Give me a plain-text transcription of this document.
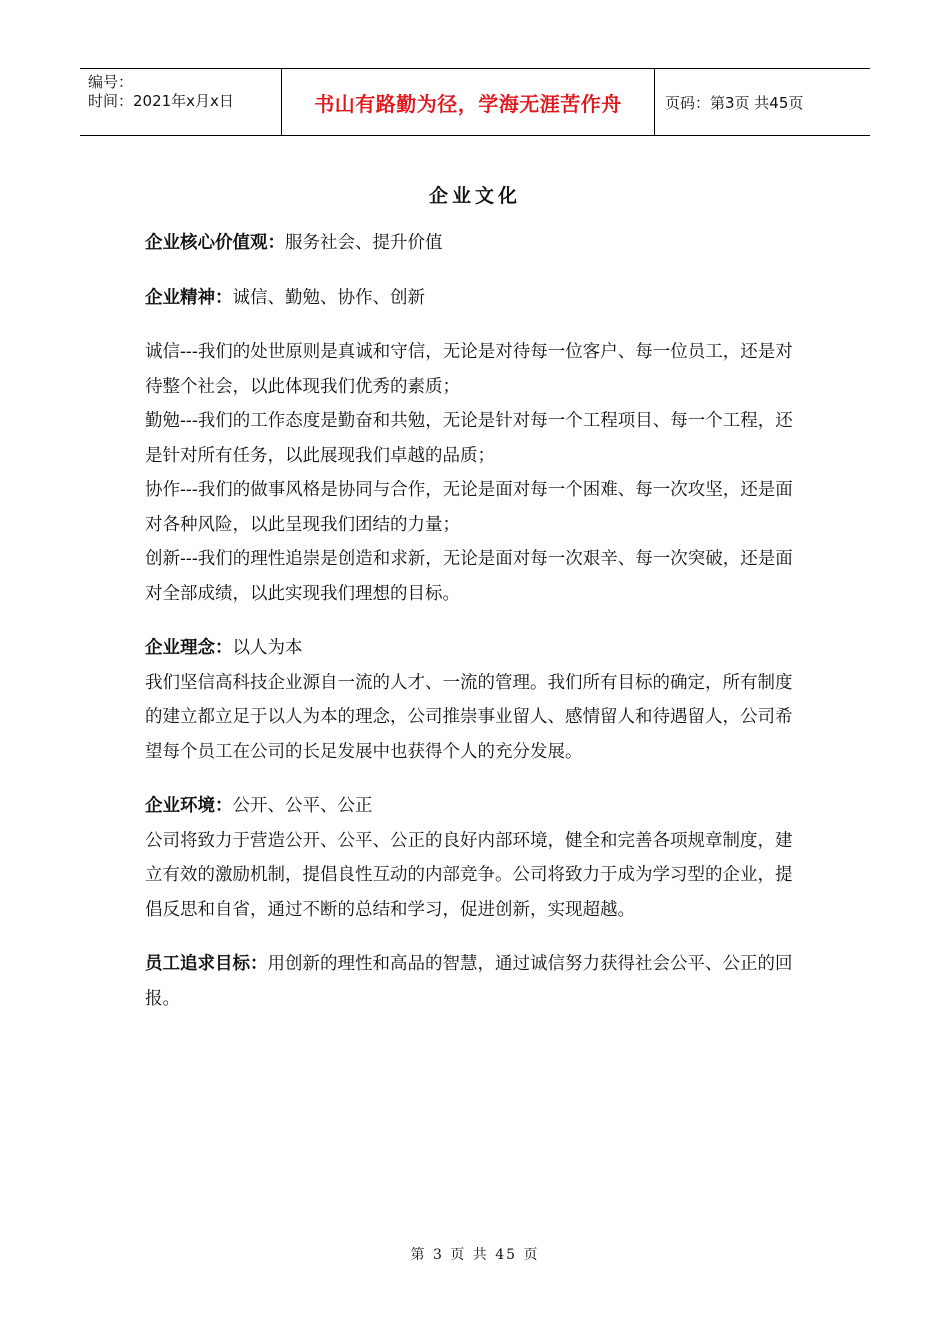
编号：
时间：2021年x月x日	书山有路勤为径，学海无涯苦作舟	页码：第3页 共45页
企业文化

企业核心价值观：服务社会、提升价值

企业精神：诚信、勤勉、协作、创新

诚信---我们的处世原则是真诚和守信，无论是对待每一位客户、每一位员工，还是对待整个社会，以此体现我们优秀的素质；

勤勉---我们的工作态度是勤奋和共勉，无论是针对每一个工程项目、每一个工程，还是针对所有任务，以此展现我们卓越的品质；

协作---我们的做事风格是协同与合作，无论是面对每一个困难、每一次攻坚，还是面对各种风险，以此呈现我们团结的力量；

创新---我们的理性追崇是创造和求新，无论是面对每一次艰辛、每一次突破，还是面对全部成绩，以此实现我们理想的目标。

企业理念：以人为本

我们坚信高科技企业源自一流的人才、一流的管理。我们所有目标的确定，所有制度的建立都立足于以人为本的理念，公司推崇事业留人、感情留人和待遇留人，公司希望每个员工在公司的长足发展中也获得个人的充分发展。

企业环境：公开、公平、公正

公司将致力于营造公开、公平、公正的良好内部环境，健全和完善各项规章制度，建立有效的激励机制，提倡良性互动的内部竞争。公司将致力于成为学习型的企业，提倡反思和自省，通过不断的总结和学习，促进创新，实现超越。

员工追求目标：用创新的理性和高品的智慧，通过诚信努力获得社会公平、公正的回报。

第 3 页 共 45 页
